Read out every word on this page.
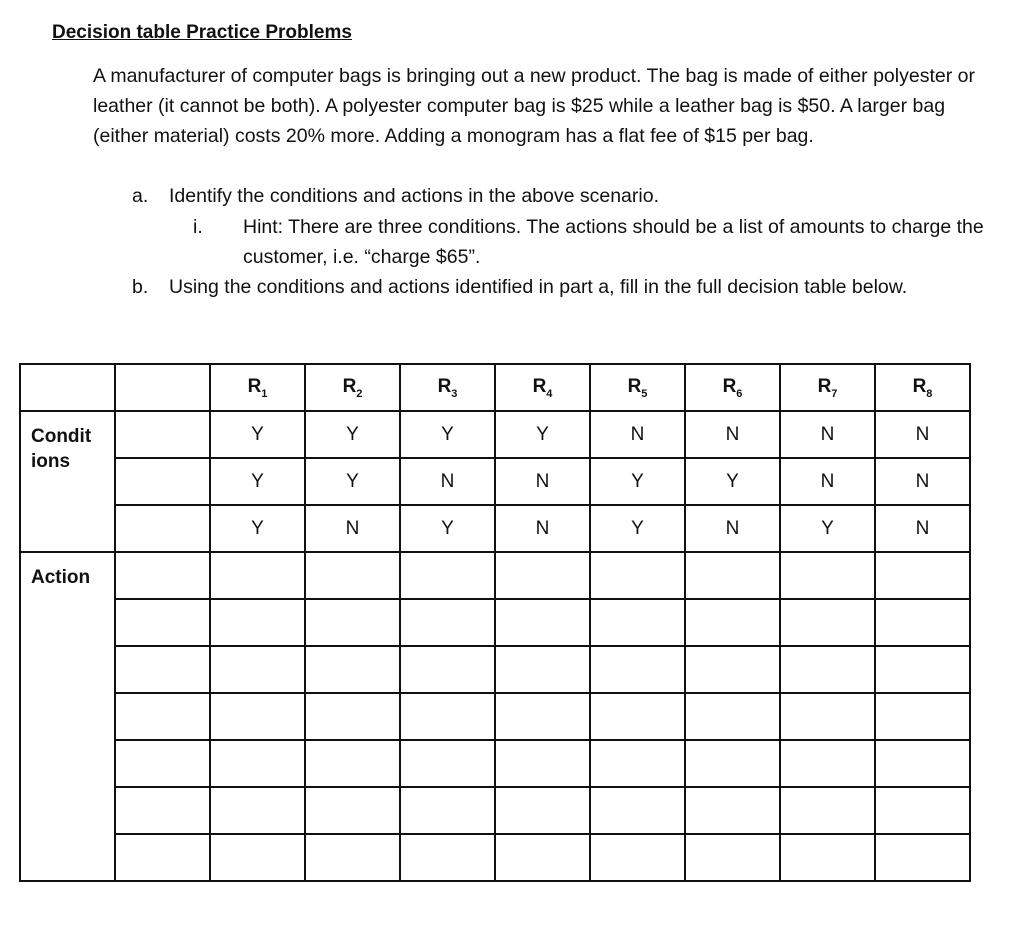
Decision table Practice Problems

A manufacturer of computer bags is bringing out a new product. The bag is made of either polyester or leather (it cannot be both). A polyester computer bag is $25 while a leather bag is $50. A larger bag (either material) costs 20% more. Adding a monogram has a flat fee of $15 per bag.

a. Identify the conditions and actions in the above scenario.
i. Hint: There are three conditions. The actions should be a list of amounts to charge the customer, i.e. “charge $65”.
b. Using the conditions and actions identified in part a, fill in the full decision table below.
		$R_1$	$R_2$	$R_3$	$R_4$	$R_5$	$R_6$	$R_7$	$R_8$
Condit ions		Y	Y	Y	Y	N	N	N	N
		Y	Y	N	N	Y	Y	N	N
		Y	N	Y	N	Y	N	Y	N
Action									
